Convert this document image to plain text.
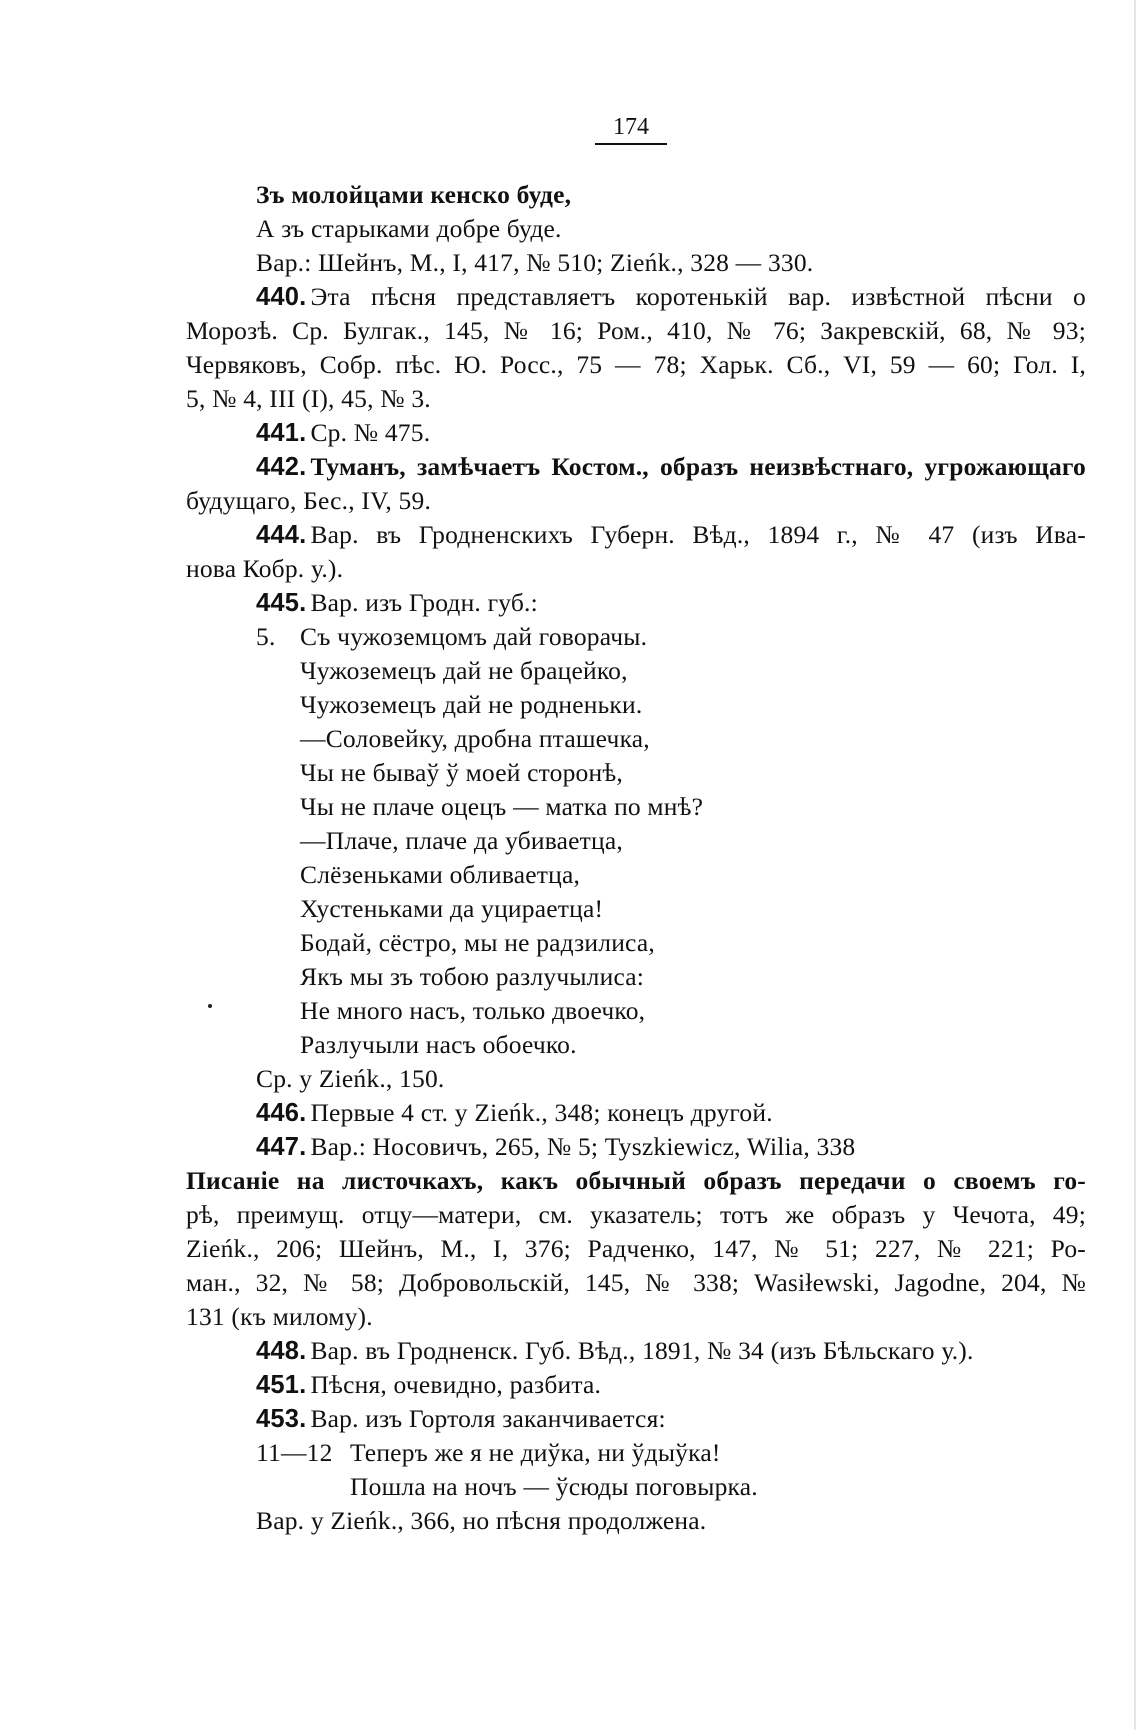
174
Зъ молойцами кенско буде,
А зъ старыками добре буде.
Вар.: Шейнъ, М., I, 417, № 510; Zieńk., 328 — 330.
440. Эта пѣсня представляетъ коротенькій вар. извѣстной пѣсни о
Морозѣ. Ср. Булгак., 145, № 16; Ром., 410, № 76; Закревскій, 68, № 93;
Червяковъ, Собр. пѣс. Ю. Росс., 75 — 78; Харьк. Сб., VI, 59 — 60; Гол. I,
5, № 4, III (I), 45, № 3.
441. Ср. № 475.
442. Туманъ, замѣчаетъ Костом., образъ неизвѣстнаго, угрожающаго
будущаго, Бес., IV, 59.
444. Вар. въ Гродненскихъ Губерн. Вѣд., 1894 г., № 47 (изъ Ива-
нова Кобр. у.).
445. Вар. изъ Гродн. губ.:
5. Съ чужоземцомъ дай говорачы.
Чужоземецъ дай не брацейко,
Чужоземецъ дай не родненьки.
—Соловейку, дробна пташечка,
Чы не бываў ў моей сторонѣ,
Чы не плаче оцецъ — матка по мнѣ?
—Плаче, плаче да убиваетца,
Слёзеньками обливаетца,
Хустеньками да уцираетца!
Бодай, сёстро, мы не радзилиса,
Якъ мы зъ тобою разлучылиса:
Не много насъ, только двоечко,
Разлучыли насъ обоечко.
Ср. у Zieńk., 150.
446. Первые 4 ст. у Zieńk., 348; конецъ другой.
447. Вар.: Носовичъ, 265, № 5; Tyszkiewicz, Wilia, 338
Писаніе на листочкахъ, какъ обычный образъ передачи о своемъ го-
рѣ, преимущ. отцу—матери, см. указатель; тотъ же образъ у Чечота, 49;
Zieńk., 206; Шейнъ, М., I, 376; Радченко, 147, № 51; 227, № 221; Ро-
ман., 32, № 58; Добровольскій, 145, № 338; Wasiłewski, Jagodne, 204, №
131 (къ милому).
448. Вар. въ Гродненск. Губ. Вѣд., 1891, № 34 (изъ Бѣльскаго у.).
451. Пѣсня, очевидно, разбита.
453. Вар. изъ Гортоля заканчивается:
11—12 Теперъ же я не диўка, ни ўдыўка!
Пошла на ночъ — ўсюды поговырка.
Вар. у Zieńk., 366, но пѣсня продолжена.
